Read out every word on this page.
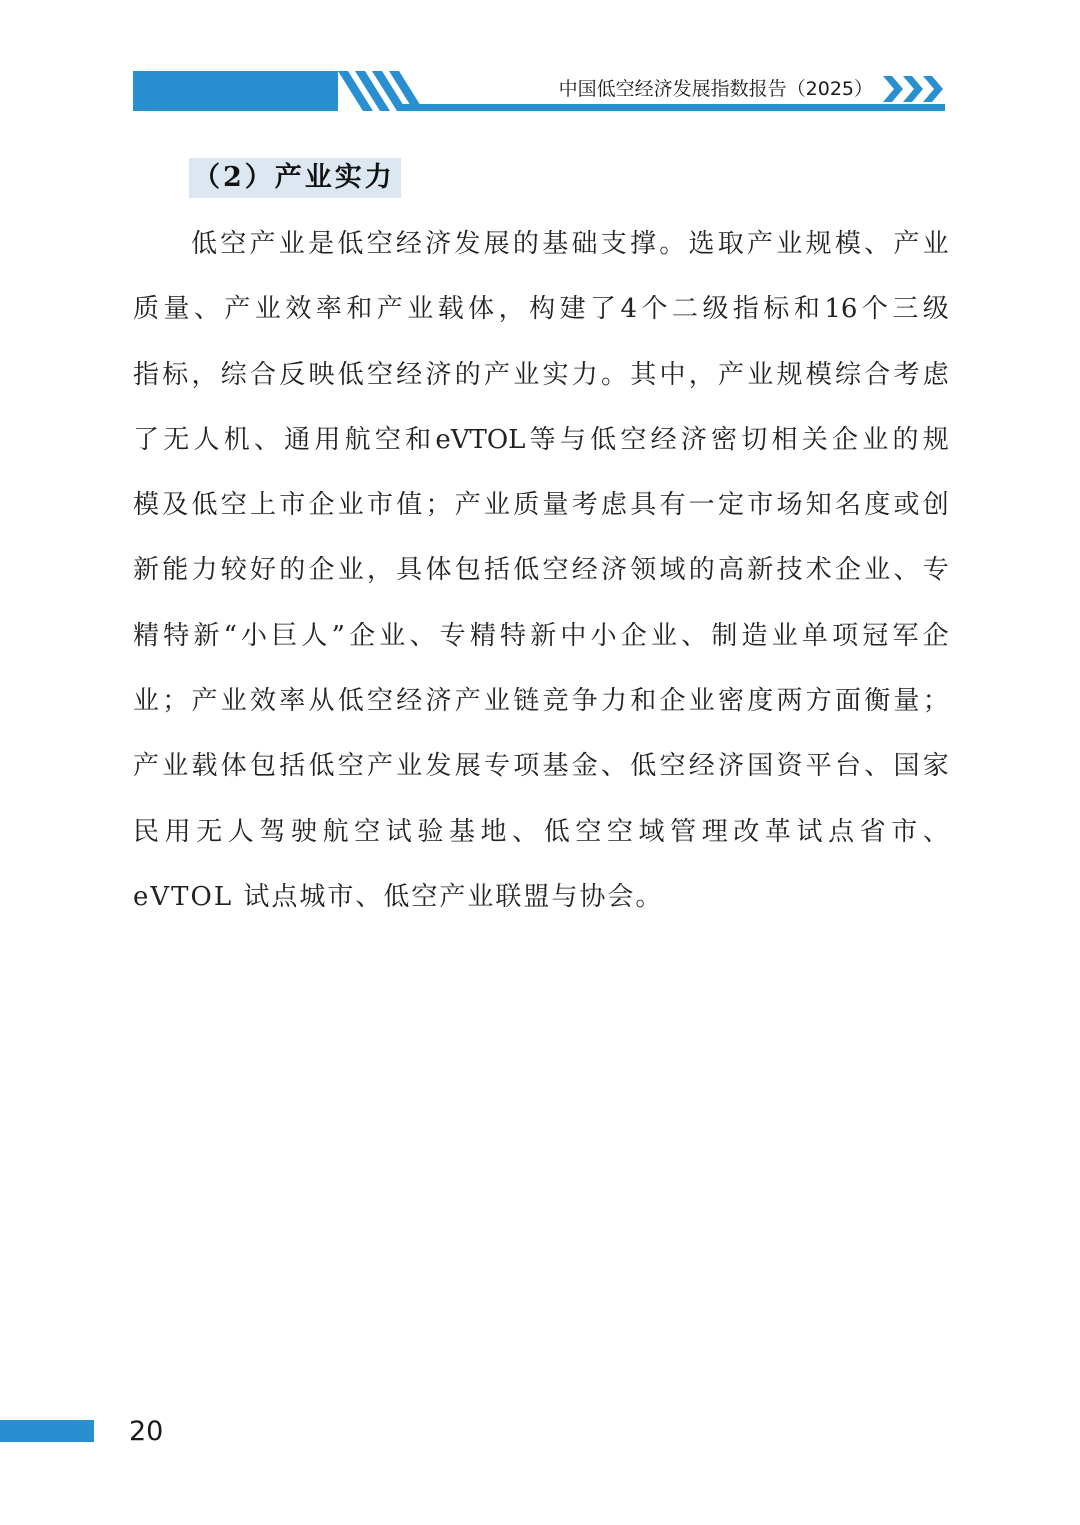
中国低空经济发展指数报告（2025）
（2）产业实力
低 空 产 业 是 低 空 经 济 发 展 的 基 础 支 撑 。 选 取 产 业 规 模 、 产 业
质 量 、 产 业 效 率 和 产 业 载 体 ， 构 建 了 4 个 二 级 指 标 和 16 个 三 级
指 标 ， 综 合 反 映 低 空 经 济 的 产 业 实 力 。 其 中 ， 产 业 规 模 综 合 考 虑
了 无 人 机 、 通 用 航 空 和 eVTOL 等 与 低 空 经 济 密 切 相 关 企 业 的 规
模 及 低 空 上 市 企 业 市 值 ； 产 业 质 量 考 虑 具 有 一 定 市 场 知 名 度 或 创
新 能 力 较 好 的 企 业 ， 具 体 包 括 低 空 经 济 领 域 的 高 新 技 术 企 业 、 专
精 特 新 “ 小 巨 人 ” 企 业 、 专 精 特 新 中 小 企 业 、 制 造 业 单 项 冠 军 企
业 ； 产 业 效 率 从 低 空 经 济 产 业 链 竞 争 力 和 企 业 密 度 两 方 面 衡 量 ；
产 业 载 体 包 括 低 空 产 业 发 展 专 项 基 金 、 低 空 经 济 国 资 平 台 、 国 家
民 用 无 人 驾 驶 航 空 试 验 基 地 、 低 空 空 域 管 理 改 革 试 点 省 市 、
eVTOL 试点城市、低空产业联盟与协会。
20
